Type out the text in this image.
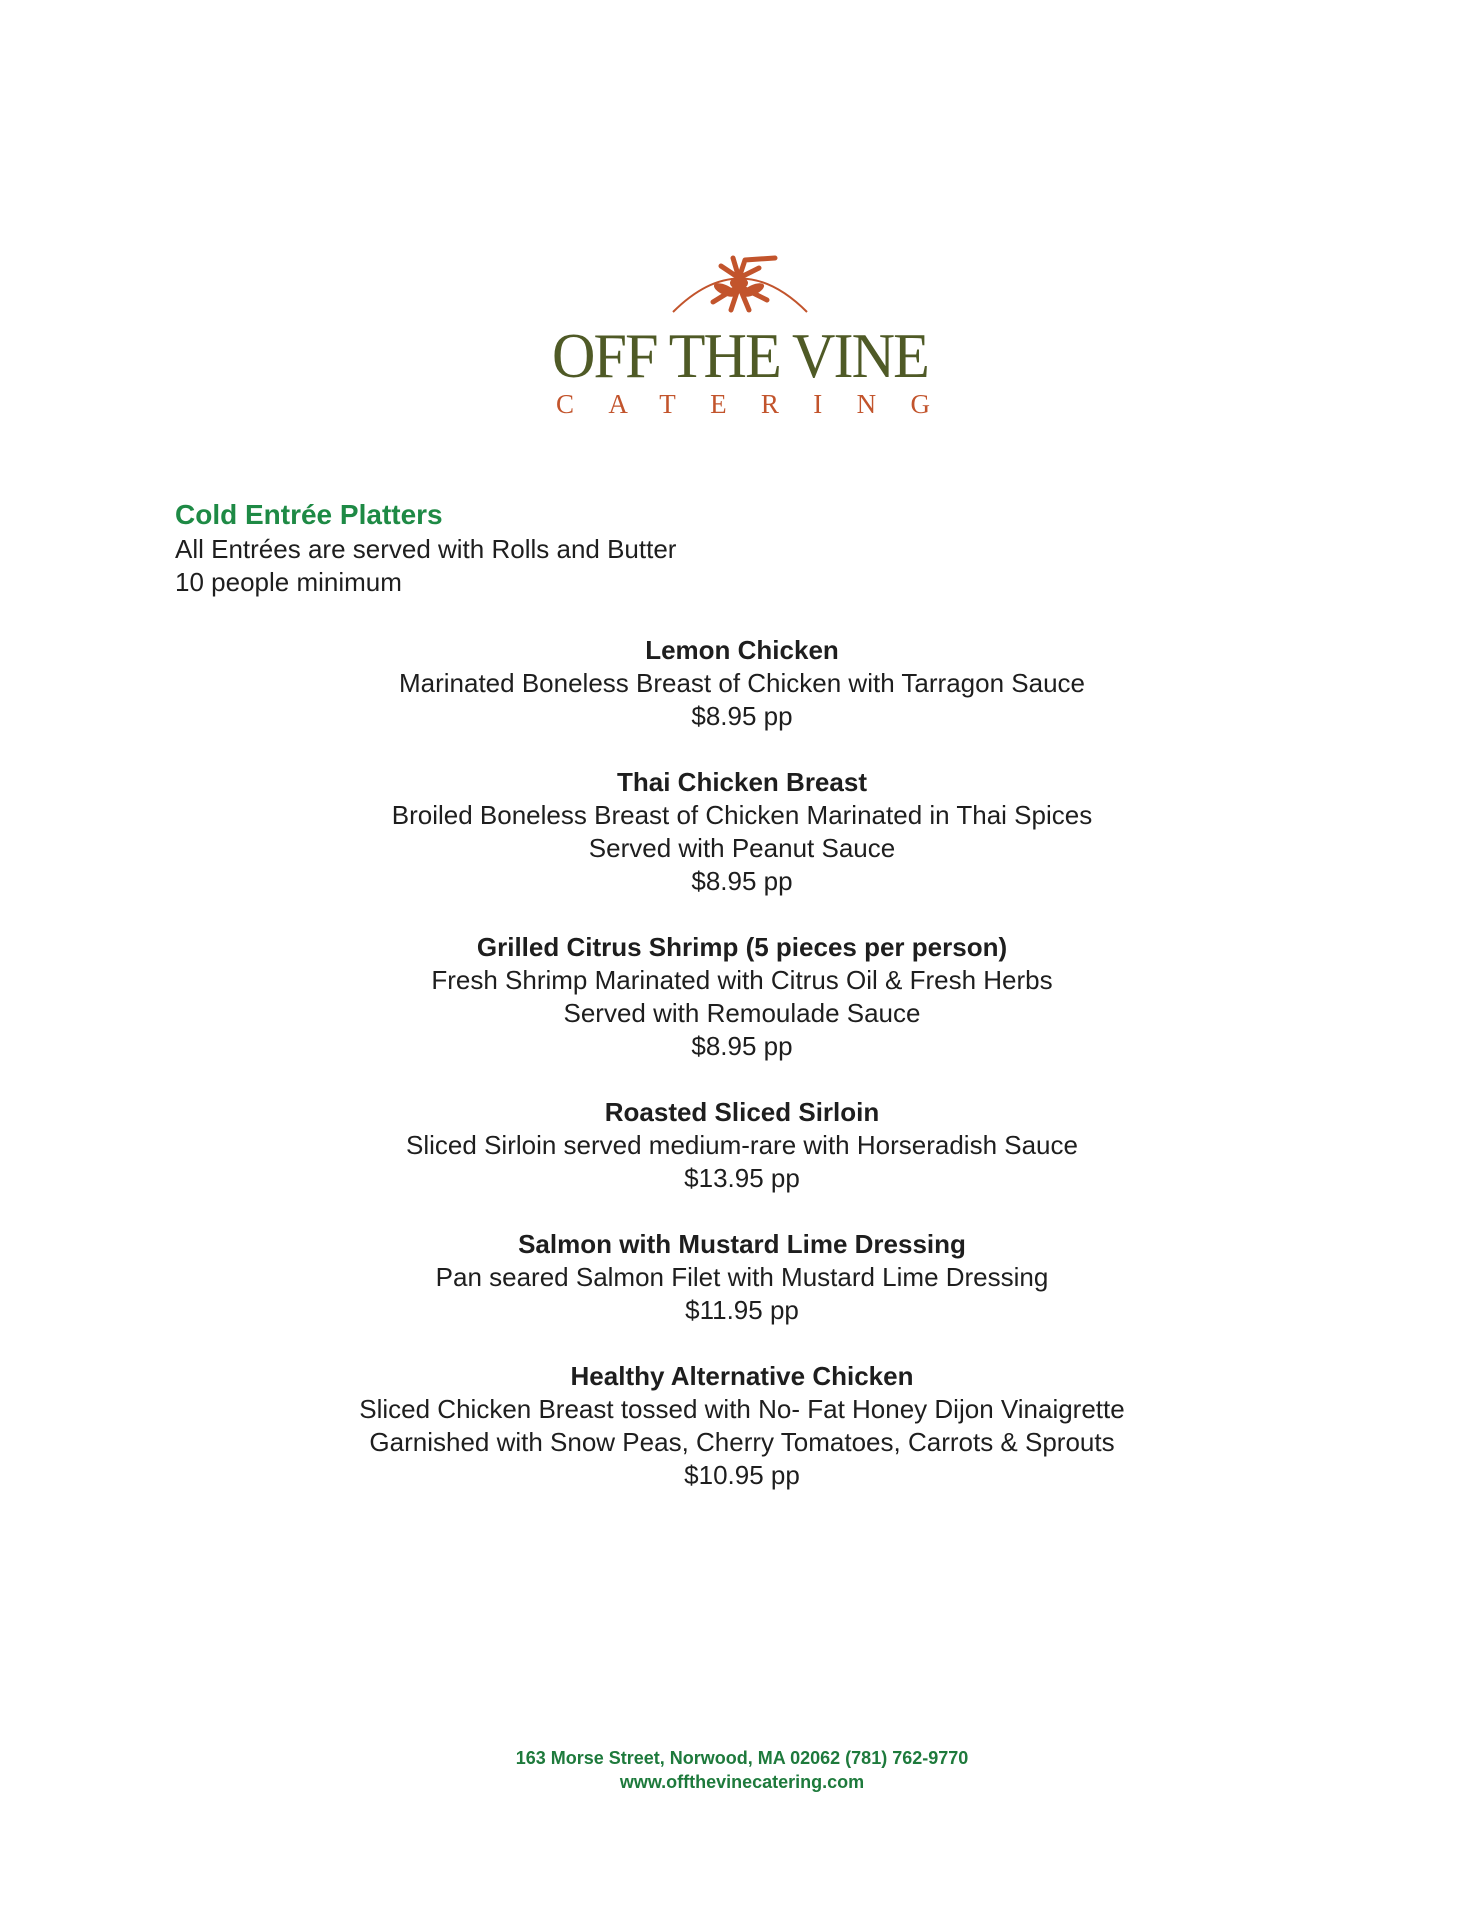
OFF THE VINE
CATERING
Cold Entrée Platters
All Entrées are served with Rolls and Butter
10 people minimum
Lemon Chicken
Marinated Boneless Breast of Chicken with Tarragon Sauce
$8.95 pp
Thai Chicken Breast
Broiled Boneless Breast of Chicken Marinated in Thai Spices
Served with Peanut Sauce
$8.95 pp
Grilled Citrus Shrimp (5 pieces per person)
Fresh Shrimp Marinated with Citrus Oil & Fresh Herbs
Served with Remoulade Sauce
$8.95 pp
Roasted Sliced Sirloin
Sliced Sirloin served medium-rare with Horseradish Sauce
$13.95 pp
Salmon with Mustard Lime Dressing
Pan seared Salmon Filet with Mustard Lime Dressing
$11.95 pp
Healthy Alternative Chicken
Sliced Chicken Breast tossed with No- Fat Honey Dijon Vinaigrette
Garnished with Snow Peas, Cherry Tomatoes, Carrots & Sprouts
$10.95 pp
163 Morse Street, Norwood, MA 02062 (781) 762-9770
www.offthevinecatering.com
